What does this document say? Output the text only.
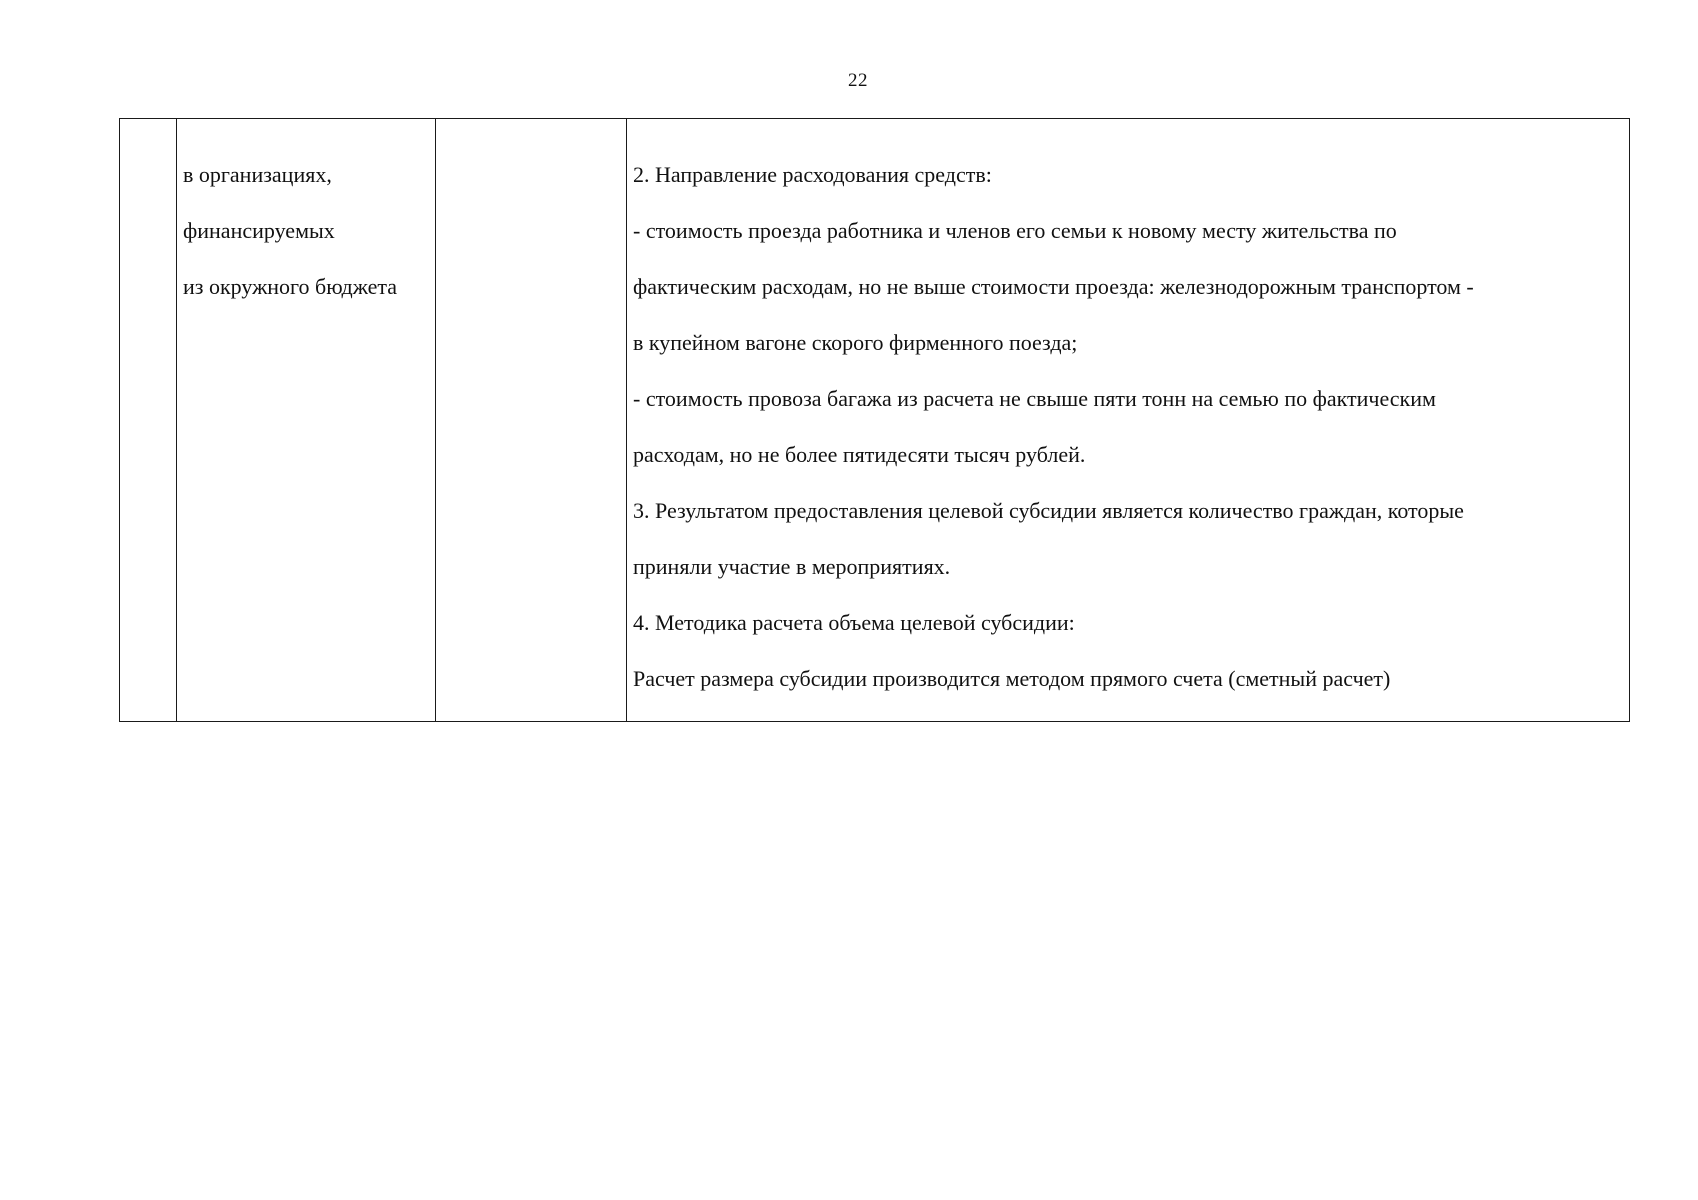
22

в организациях,

финансируемых

из окружного бюджета

2. Направление расходования средств:

- стоимость проезда работника и членов его семьи к новому месту жительства по

фактическим расходам, но не выше стоимости проезда: железнодорожным транспортом -

в купейном вагоне скорого фирменного поезда;

- стоимость провоза багажа из расчета не свыше пяти тонн на семью по фактическим

расходам, но не более пятидесяти тысяч рублей.

3. Результатом предоставления целевой субсидии является количество граждан, которые

приняли участие в мероприятиях.

4. Методика расчета объема целевой субсидии:

Расчет размера субсидии производится методом прямого счета (сметный расчет)
